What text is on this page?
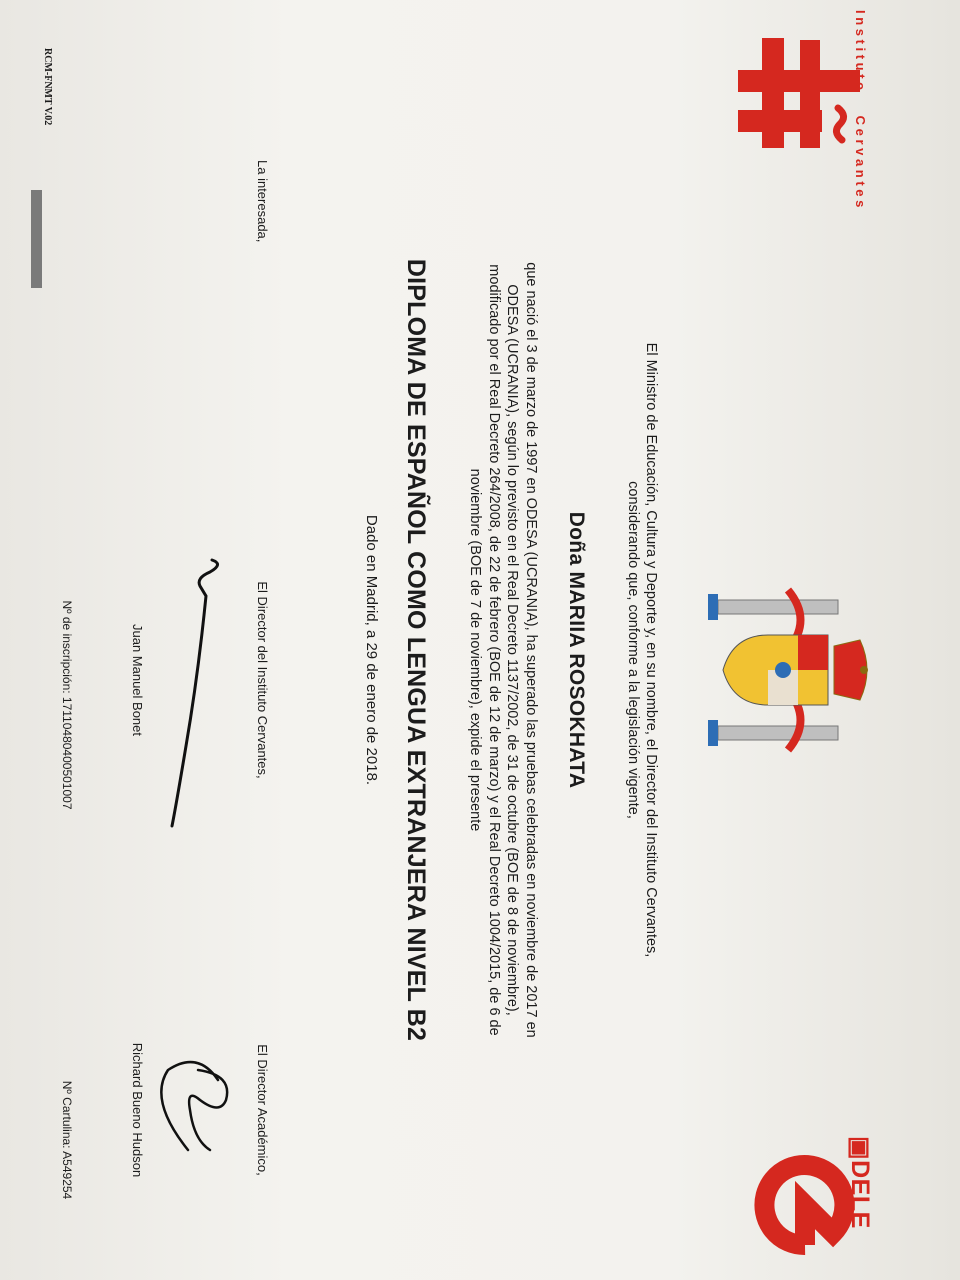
InstitutoCervantes
▣DELE
El Ministro de Educación, Cultura y Deporte y, en su nombre, el Director del Instituto Cervantes,
considerando que, conforme a la legislación vigente,
Doña MARIIA ROSOKHATA
que nació el 3 de marzo de 1997 en ODESA (UCRANIA), ha superado las pruebas celebradas en noviembre de 2017 en
ODESA (UCRANIA), según lo previsto en el Real Decreto 1137/2002, de 31 de octubre (BOE de 8 de noviembre),
modificado por el Real Decreto 264/2008, de 22 de febrero (BOE de 12 de marzo) y el Real Decreto 1004/2015, de 6 de
noviembre (BOE de 7 de noviembre), expide el presente
DIPLOMA DE ESPAÑOL COMO LENGUA EXTRANJERA NIVEL B2
Dado en Madrid, a 29 de enero de 2018.
La interesada,
El Director del Instituto Cervantes,
Juan Manuel Bonet
El Director Académico,
Richard Bueno Hudson
Nº de inscripción: 17110480400501007
Nº Cartulina: A549254
RCM-FNMT V.02
